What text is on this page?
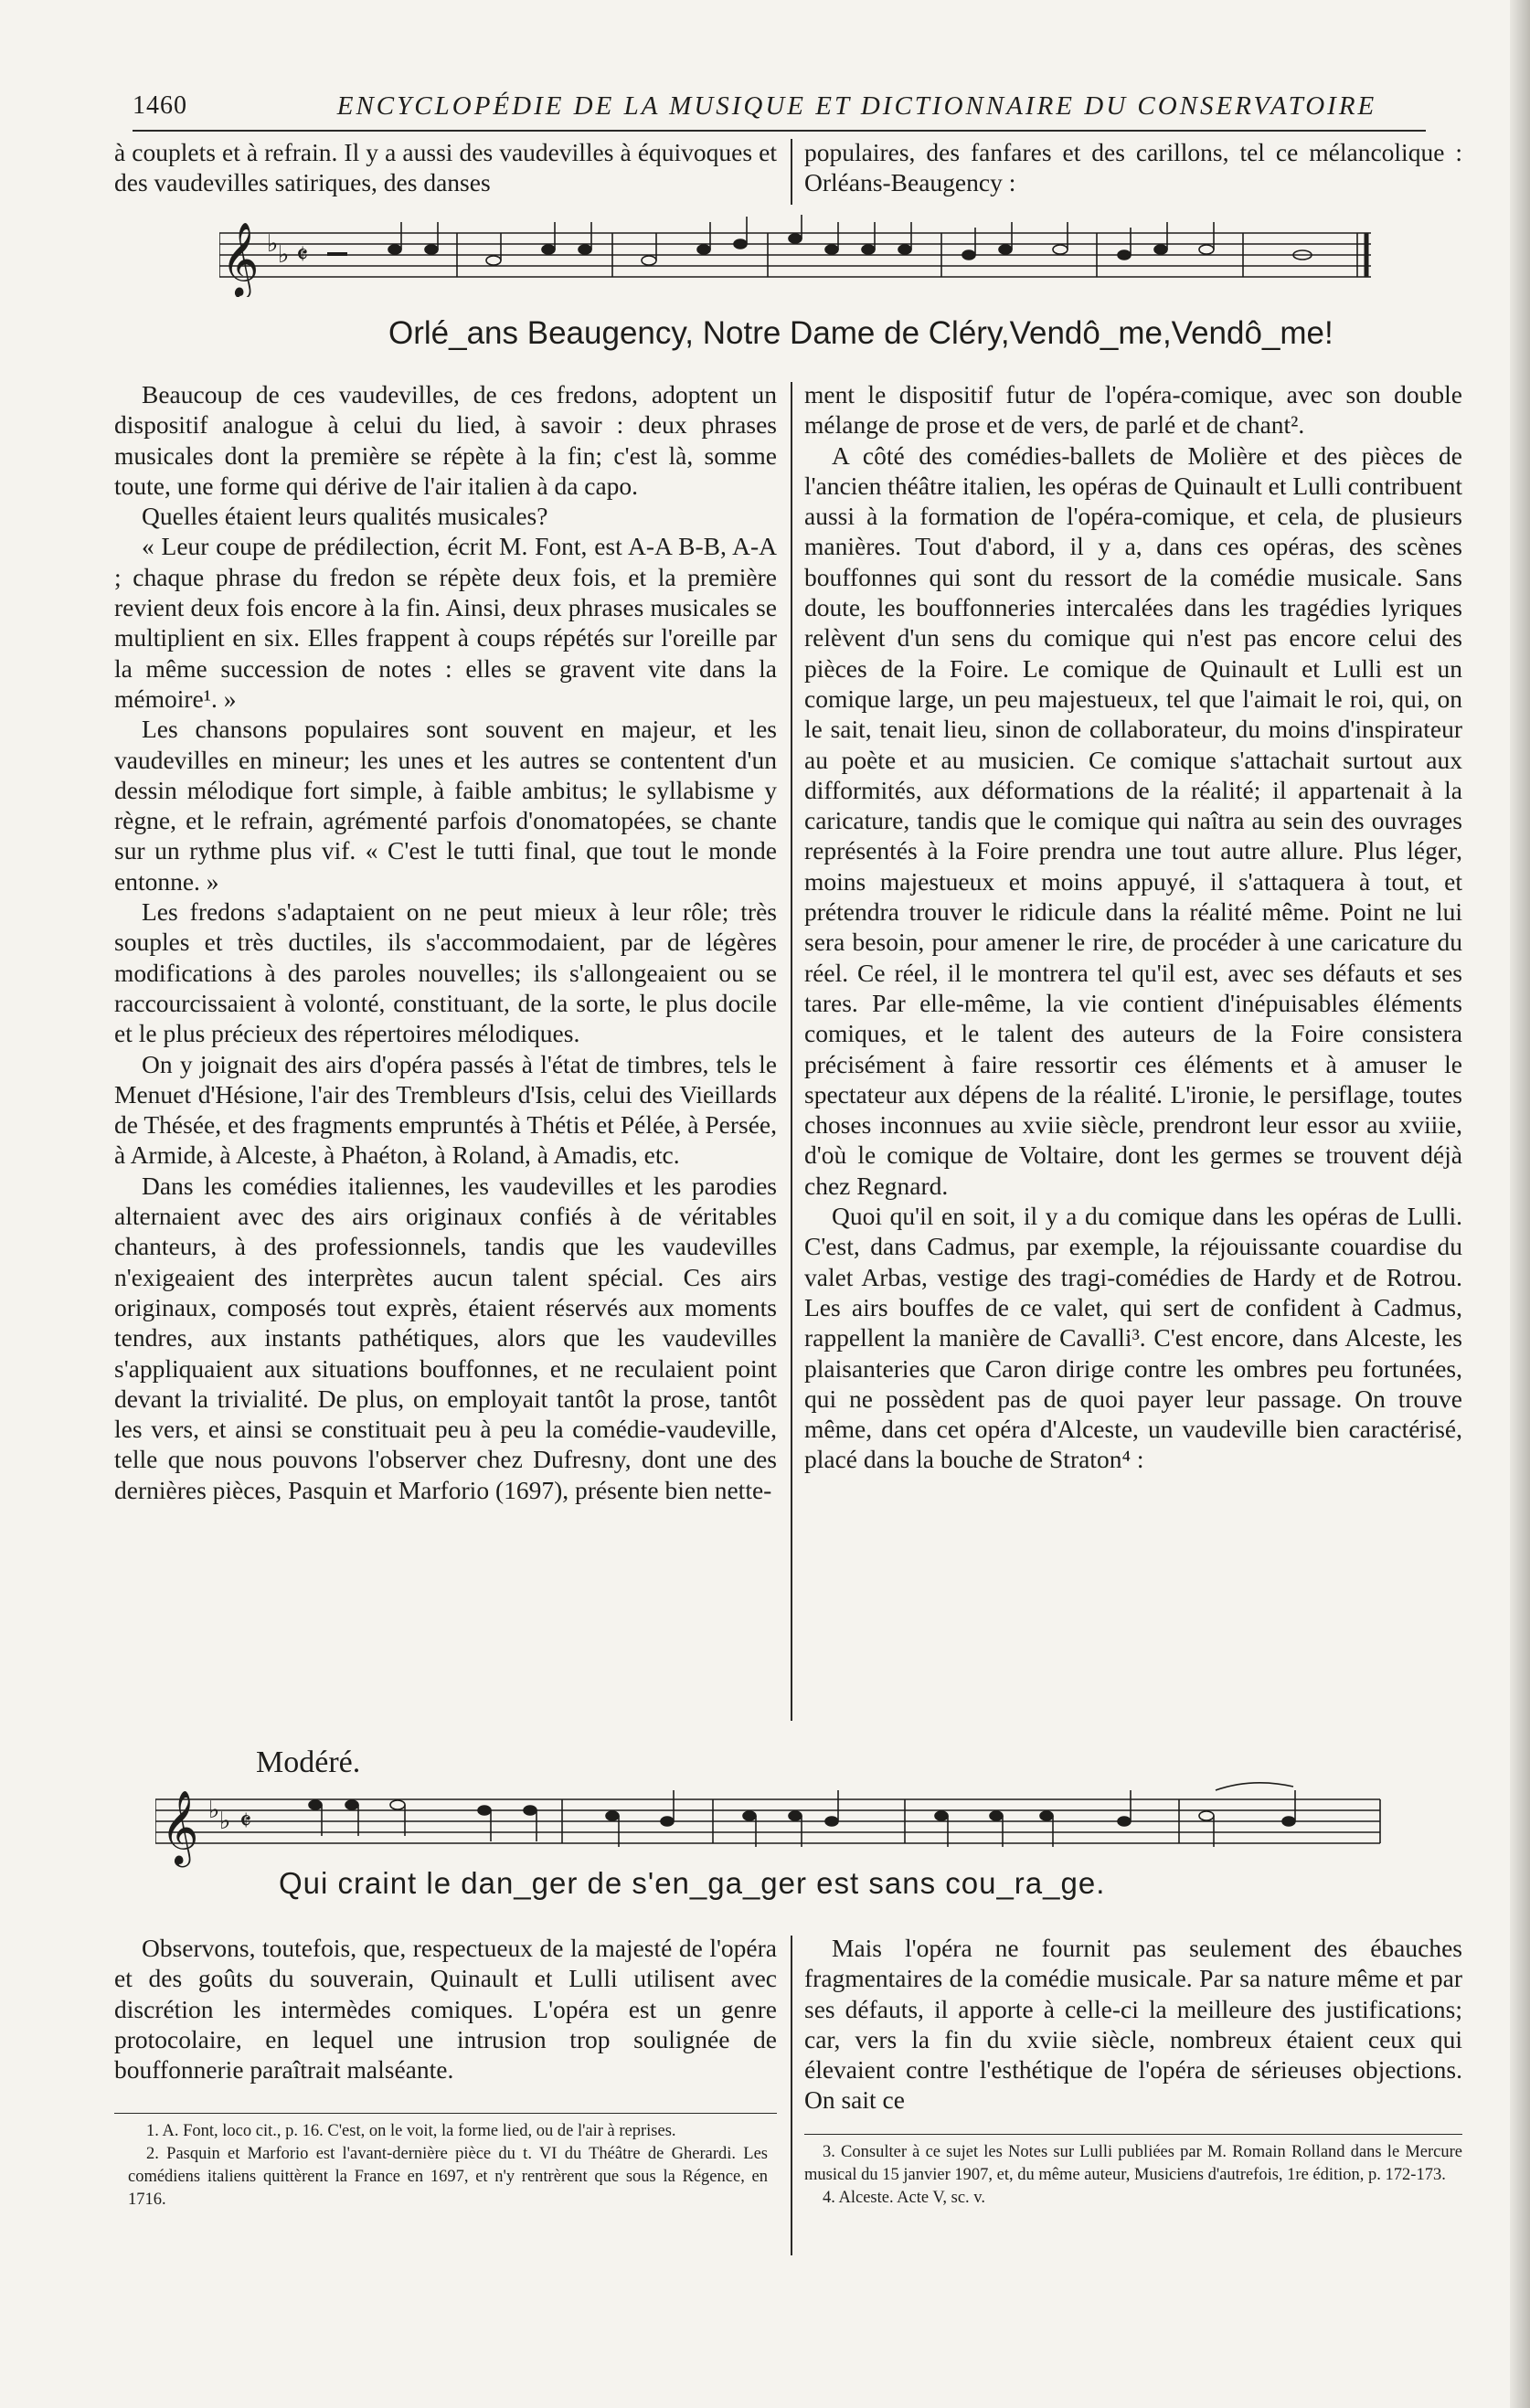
1460	ENCYCLOPÉDIE DE LA MUSIQUE ET DICTIONNAIRE DU CONSERVATOIRE

à couplets et à refrain. Il y a aussi des vaudevilles à équivoques et des vaudevilles satiriques, des danses

populaires, des fanfares et des carillons, tel ce mélancolique : Orléans-Beaugency :

𝄞 ♭ ♭ 𝄵
Orlé_ans Beaugency, Notre Dame de Cléry,Vendô_me,Vendô_me!

Beaucoup de ces vaudevilles, de ces fredons, adoptent un dispositif analogue à celui du lied, à savoir : deux phrases musicales dont la première se répète à la fin; c'est là, somme toute, une forme qui dérive de l'air italien à da capo.

Quelles étaient leurs qualités musicales?

« Leur coupe de prédilection, écrit M. Font, est A-A B-B, A-A ; chaque phrase du fredon se répète deux fois, et la première revient deux fois encore à la fin. Ainsi, deux phrases musicales se multiplient en six. Elles frappent à coups répétés sur l'oreille par la même succession de notes : elles se gravent vite dans la mémoire¹. »

Les chansons populaires sont souvent en majeur, et les vaudevilles en mineur; les unes et les autres se contentent d'un dessin mélodique fort simple, à faible ambitus; le syllabisme y règne, et le refrain, agrémenté parfois d'onomatopées, se chante sur un rythme plus vif. « C'est le tutti final, que tout le monde entonne. »

Les fredons s'adaptaient on ne peut mieux à leur rôle; très souples et très ductiles, ils s'accommodaient, par de légères modifications à des paroles nouvelles; ils s'allongeaient ou se raccourcissaient à volonté, constituant, de la sorte, le plus docile et le plus précieux des répertoires mélodiques.

On y joignait des airs d'opéra passés à l'état de timbres, tels le Menuet d'Hésione, l'air des Trembleurs d'Isis, celui des Vieillards de Thésée, et des fragments empruntés à Thétis et Pélée, à Persée, à Armide, à Alceste, à Phaéton, à Roland, à Amadis, etc.

Dans les comédies italiennes, les vaudevilles et les parodies alternaient avec des airs originaux confiés à de véritables chanteurs, à des professionnels, tandis que les vaudevilles n'exigeaient des interprètes aucun talent spécial. Ces airs originaux, composés tout exprès, étaient réservés aux moments tendres, aux instants pathétiques, alors que les vaudevilles s'appliquaient aux situations bouffonnes, et ne reculaient point devant la trivialité. De plus, on employait tantôt la prose, tantôt les vers, et ainsi se constituait peu à peu la comédie-vaudeville, telle que nous pouvons l'observer chez Dufresny, dont une des dernières pièces, Pasquin et Marforio (1697), présente bien nette-

ment le dispositif futur de l'opéra-comique, avec son double mélange de prose et de vers, de parlé et de chant².

A côté des comédies-ballets de Molière et des pièces de l'ancien théâtre italien, les opéras de Quinault et Lulli contribuent aussi à la formation de l'opéra-comique, et cela, de plusieurs manières. Tout d'abord, il y a, dans ces opéras, des scènes bouffonnes qui sont du ressort de la comédie musicale. Sans doute, les bouffonneries intercalées dans les tragédies lyriques relèvent d'un sens du comique qui n'est pas encore celui des pièces de la Foire. Le comique de Quinault et Lulli est un comique large, un peu majestueux, tel que l'aimait le roi, qui, on le sait, tenait lieu, sinon de collaborateur, du moins d'inspirateur au poète et au musicien. Ce comique s'attachait surtout aux difformités, aux déformations de la réalité; il appartenait à la caricature, tandis que le comique qui naîtra au sein des ouvrages représentés à la Foire prendra une tout autre allure. Plus léger, moins majestueux et moins appuyé, il s'attaquera à tout, et prétendra trouver le ridicule dans la réalité même. Point ne lui sera besoin, pour amener le rire, de procéder à une caricature du réel. Ce réel, il le montrera tel qu'il est, avec ses défauts et ses tares. Par elle-même, la vie contient d'inépuisables éléments comiques, et le talent des auteurs de la Foire consistera précisément à faire ressortir ces éléments et à amuser le spectateur aux dépens de la réalité. L'ironie, le persiflage, toutes choses inconnues au xviie siècle, prendront leur essor au xviiie, d'où le comique de Voltaire, dont les germes se trouvent déjà chez Regnard.

Quoi qu'il en soit, il y a du comique dans les opéras de Lulli. C'est, dans Cadmus, par exemple, la réjouissante couardise du valet Arbas, vestige des tragi-comédies de Hardy et de Rotrou. Les airs bouffes de ce valet, qui sert de confident à Cadmus, rappellent la manière de Cavalli³. C'est encore, dans Alceste, les plaisanteries que Caron dirige contre les ombres peu fortunées, qui ne possèdent pas de quoi payer leur passage. On trouve même, dans cet opéra d'Alceste, un vaudeville bien caractérisé, placé dans la bouche de Straton⁴ :

Modéré.
𝄞 ♭ ♭ 𝄵
Qui craint le dan_ger de s'en_ga_ger est sans cou_ra_ge.

Observons, toutefois, que, respectueux de la majesté de l'opéra et des goûts du souverain, Quinault et Lulli utilisent avec discrétion les intermèdes comiques. L'opéra est un genre protocolaire, en lequel une intrusion trop soulignée de bouffonnerie paraîtrait malséante.

Mais l'opéra ne fournit pas seulement des ébauches fragmentaires de la comédie musicale. Par sa nature même et par ses défauts, il apporte à celle-ci la meilleure des justifications; car, vers la fin du xviie siècle, nombreux étaient ceux qui élevaient contre l'esthétique de l'opéra de sérieuses objections. On sait ce

1. A. Font, loco cit., p. 16. C'est, on le voit, la forme lied, ou de l'air à reprises.

2. Pasquin et Marforio est l'avant-dernière pièce du t. VI du Théâtre de Gherardi. Les comédiens italiens quittèrent la France en 1697, et n'y rentrèrent que sous la Régence, en 1716.

3. Consulter à ce sujet les Notes sur Lulli publiées par M. Romain Rolland dans le Mercure musical du 15 janvier 1907, et, du même auteur, Musiciens d'autrefois, 1re édition, p. 172-173.

4. Alceste. Acte V, sc. v.
